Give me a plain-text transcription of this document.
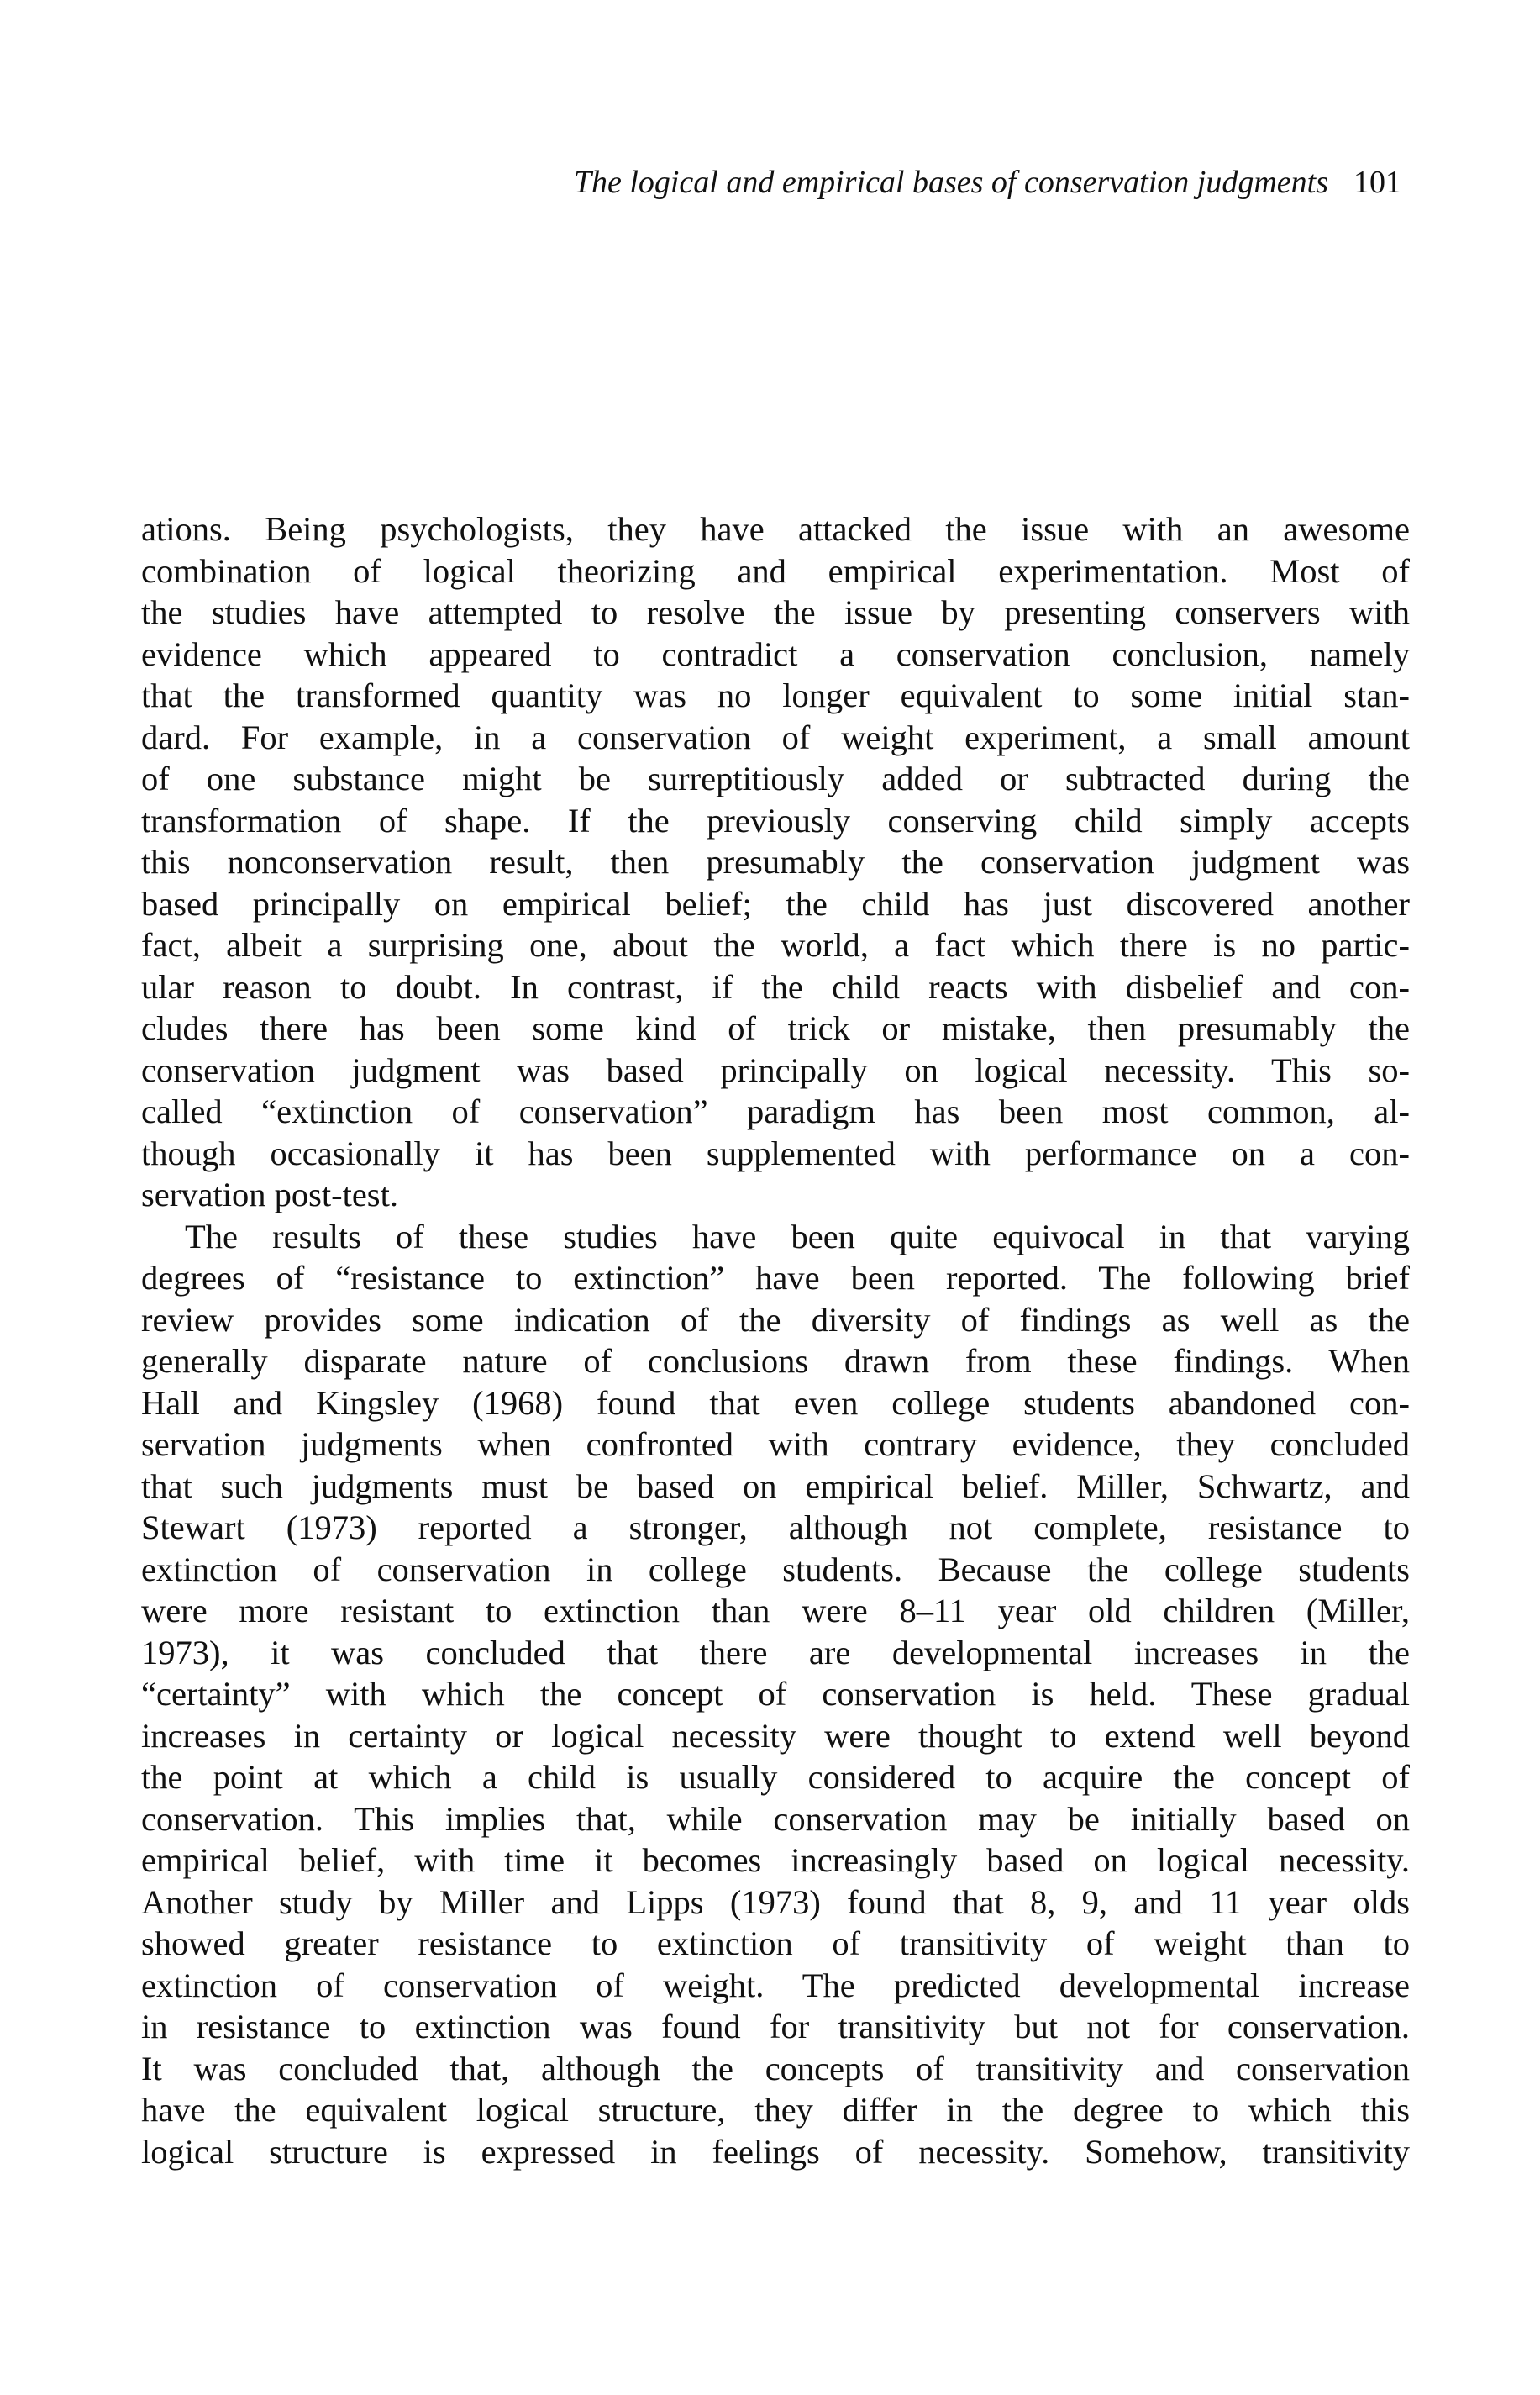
The logical and empirical bases of conservation judgments 101
ations. Being psychologists, they have attacked the issue with an awesome
combination of logical theorizing and empirical experimentation. Most of
the studies have attempted to resolve the issue by presenting conservers with
evidence which appeared to contradict a conservation conclusion, namely
that the transformed quantity was no longer equivalent to some initial stan-
dard. For example, in a conservation of weight experiment, a small amount
of one substance might be surreptitiously added or subtracted during the
transformation of shape. If the previously conserving child simply accepts
this nonconservation result, then presumably the conservation judgment was
based principally on empirical belief; the child has just discovered another
fact, albeit a surprising one, about the world, a fact which there is no partic-
ular reason to doubt. In contrast, if the child reacts with disbelief and con-
cludes there has been some kind of trick or mistake, then presumably the
conservation judgment was based principally on logical necessity. This so-
called “extinction of conservation” paradigm has been most common, al-
though occasionally it has been supplemented with performance on a con-
servation post-test.
The results of these studies have been quite equivocal in that varying
degrees of “resistance to extinction” have been reported. The following brief
review provides some indication of the diversity of findings as well as the
generally disparate nature of conclusions drawn from these findings. When
Hall and Kingsley (1968) found that even college students abandoned con-
servation judgments when confronted with contrary evidence, they concluded
that such judgments must be based on empirical belief. Miller, Schwartz, and
Stewart (1973) reported a stronger, although not complete, resistance to
extinction of conservation in college students. Because the college students
were more resistant to extinction than were 8–11 year old children (Miller,
1973), it was concluded that there are developmental increases in the
“certainty” with which the concept of conservation is held. These gradual
increases in certainty or logical necessity were thought to extend well beyond
the point at which a child is usually considered to acquire the concept of
conservation. This implies that, while conservation may be initially based on
empirical belief, with time it becomes increasingly based on logical necessity.
Another study by Miller and Lipps (1973) found that 8, 9, and 11 year olds
showed greater resistance to extinction of transitivity of weight than to
extinction of conservation of weight. The predicted developmental increase
in resistance to extinction was found for transitivity but not for conservation.
It was concluded that, although the concepts of transitivity and conservation
have the equivalent logical structure, they differ in the degree to which this
logical structure is expressed in feelings of necessity. Somehow, transitivity
